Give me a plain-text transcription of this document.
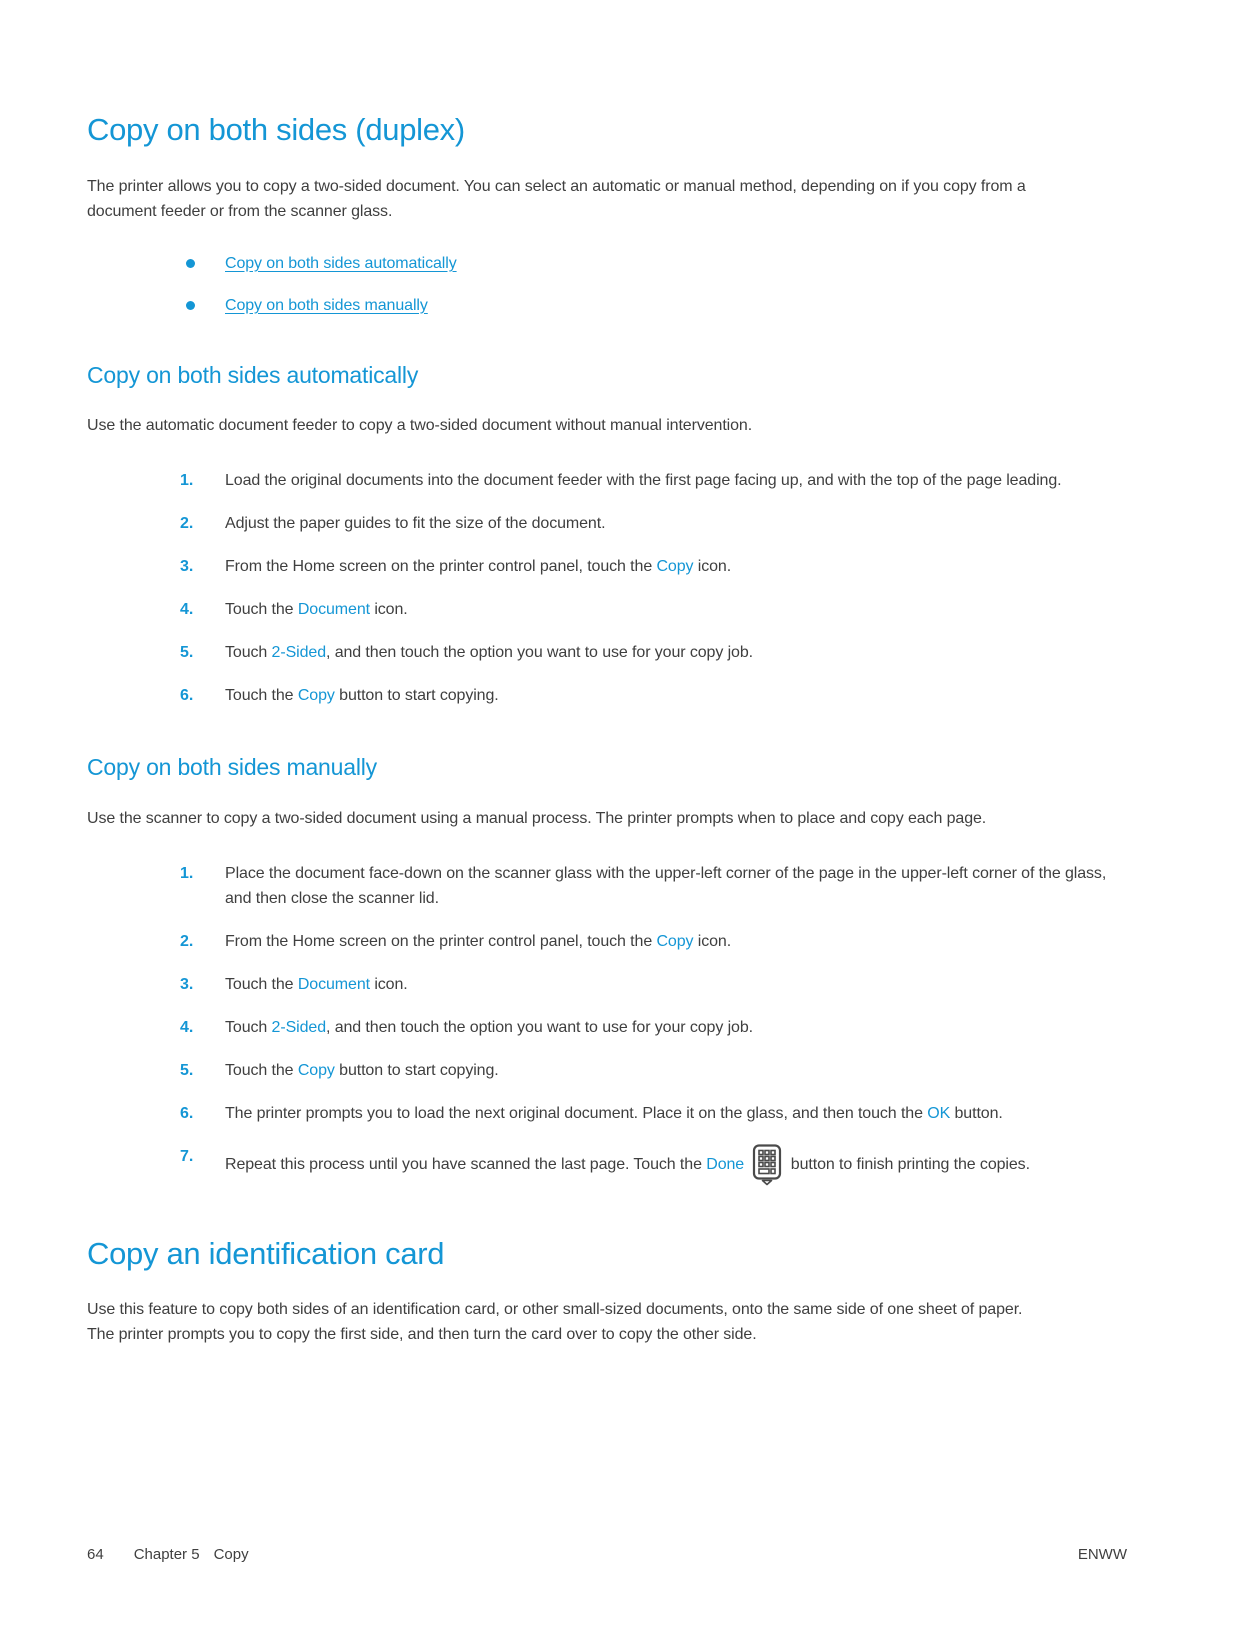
Copy on both sides (duplex)

The printer allows you to copy a two-sided document. You can select an automatic or manual method, depending on if you copy from a document feeder or from the scanner glass.

Copy on both sides automatically
Copy on both sides manually
Copy on both sides automatically

Use the automatic document feeder to copy a two-sided document without manual intervention.

1.	Load the original documents into the document feeder with the first page facing up, and with the top of the page leading.
2.	Adjust the paper guides to fit the size of the document.
3.	From the Home screen on the printer control panel, touch the Copy icon.
4.	Touch the Document icon.
5.	Touch 2-Sided, and then touch the option you want to use for your copy job.
6.	Touch the Copy button to start copying.
Copy on both sides manually

Use the scanner to copy a two-sided document using a manual process. The printer prompts when to place and copy each page.

1.	Place the document face-down on the scanner glass with the upper-left corner of the page in the upper-left corner of the glass, and then close the scanner lid.
2.	From the Home screen on the printer control panel, touch the Copy icon.
3.	Touch the Document icon.
4.	Touch 2-Sided, and then touch the option you want to use for your copy job.
5.	Touch the Copy button to start copying.
6.	The printer prompts you to load the next original document. Place it on the glass, and then touch the OK button.
7.	Repeat this process until you have scanned the last page. Touch the Done	button to finish printing the copies.
Copy an identification card

Use this feature to copy both sides of an identification card, or other small-sized documents, onto the same side of one sheet of paper. The printer prompts you to copy the first side, and then turn the card over to copy the other side.

64 Chapter 5 Copy	ENWW
